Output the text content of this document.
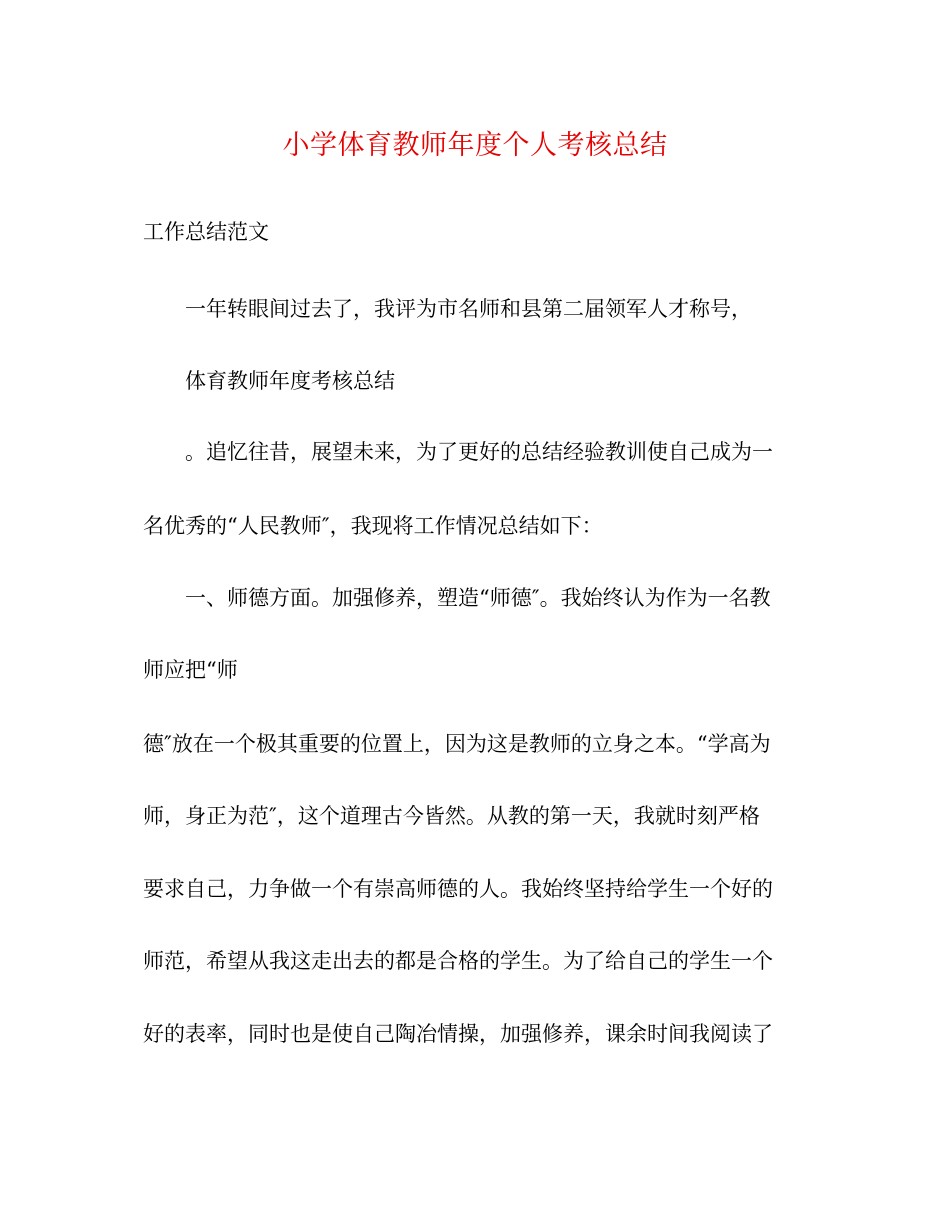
小学体育教师年度个人考核总结
工作总结范文
一年转眼间过去了，我评为市名师和县第二届领军人才称号，
体育教师年度考核总结
。追忆往昔，展望未来，为了更好的总结经验教训使自己成为一
名优秀的“人民教师″，我现将工作情况总结如下：
一、师德方面。加强修养，塑造“师德″。我始终认为作为一名教
师应把“师
德″放在一个极其重要的位置上，因为这是教师的立身之本。“学高为
师，身正为范″，这个道理古今皆然。从教的第一天，我就时刻严格
要求自己，力争做一个有崇高师德的人。我始终坚持给学生一个好的
师范，希望从我这走出去的都是合格的学生。为了给自己的学生一个
好的表率，同时也是使自己陶冶情操，加强修养，课余时间我阅读了
